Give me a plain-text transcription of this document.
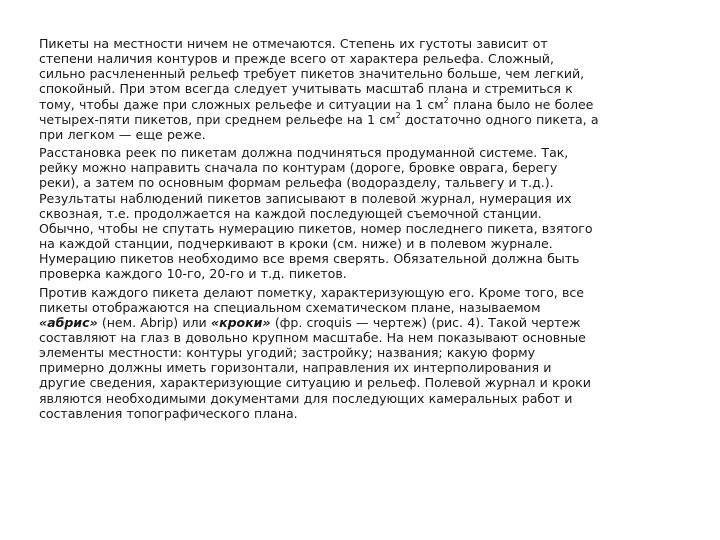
Пикеты на местности ничем не отмечаются. Степень их густоты зависит от
степени наличия контуров и прежде всего от характера рельефа. Сложный,
сильно расчлененный рельеф требует пикетов значительно больше, чем легкий,
спокойный. При этом всегда следует учитывать масштаб плана и стремиться к
тому, чтобы даже при сложных рельефе и ситуации на 1 $см^2$ плана было не более
четырех-пяти пикетов, при среднем рельефе на 1 $см^2$ достаточно одного пикета, а
при легком — еще реже.

Расстановка реек по пикетам должна подчиняться продуманной системе. Так,
рейку можно направить сначала по контурам (дороге, бровке оврага, берегу
реки), а затем по основным формам рельефа (водоразделу, тальвегу и т.д.).
Результаты наблюдений пикетов записывают в полевой журнал, нумерация их
сквозная, т.е. продолжается на каждой последующей съемочной станции.
Обычно, чтобы не спутать нумерацию пикетов, номер последнего пикета, взятого
на каждой станции, подчеркивают в кроки (см. ниже) и в полевом журнале.
Нумерацию пикетов необходимо все время сверять. Обязательной должна быть
проверка каждого 10-го, 20-го и т.д. пикетов.

Против каждого пикета делают пометку, характеризующую его. Кроме того, все
пикеты отображаются на специальном схематическом плане, называемом
«абрис» (нем. Abrip) или «кроки» (фр. croquis — чертеж) (рис. 4). Такой чертеж
составляют на глаз в довольно крупном масштабе. На нем показывают основные
элементы местности: контуры угодий; застройку; названия; какую форму
примерно должны иметь горизонтали, направления их интерполирования и
другие сведения, характеризующие ситуацию и рельеф. Полевой журнал и кроки
являются необходимыми документами для последующих камеральных работ и
составления топографического плана.
